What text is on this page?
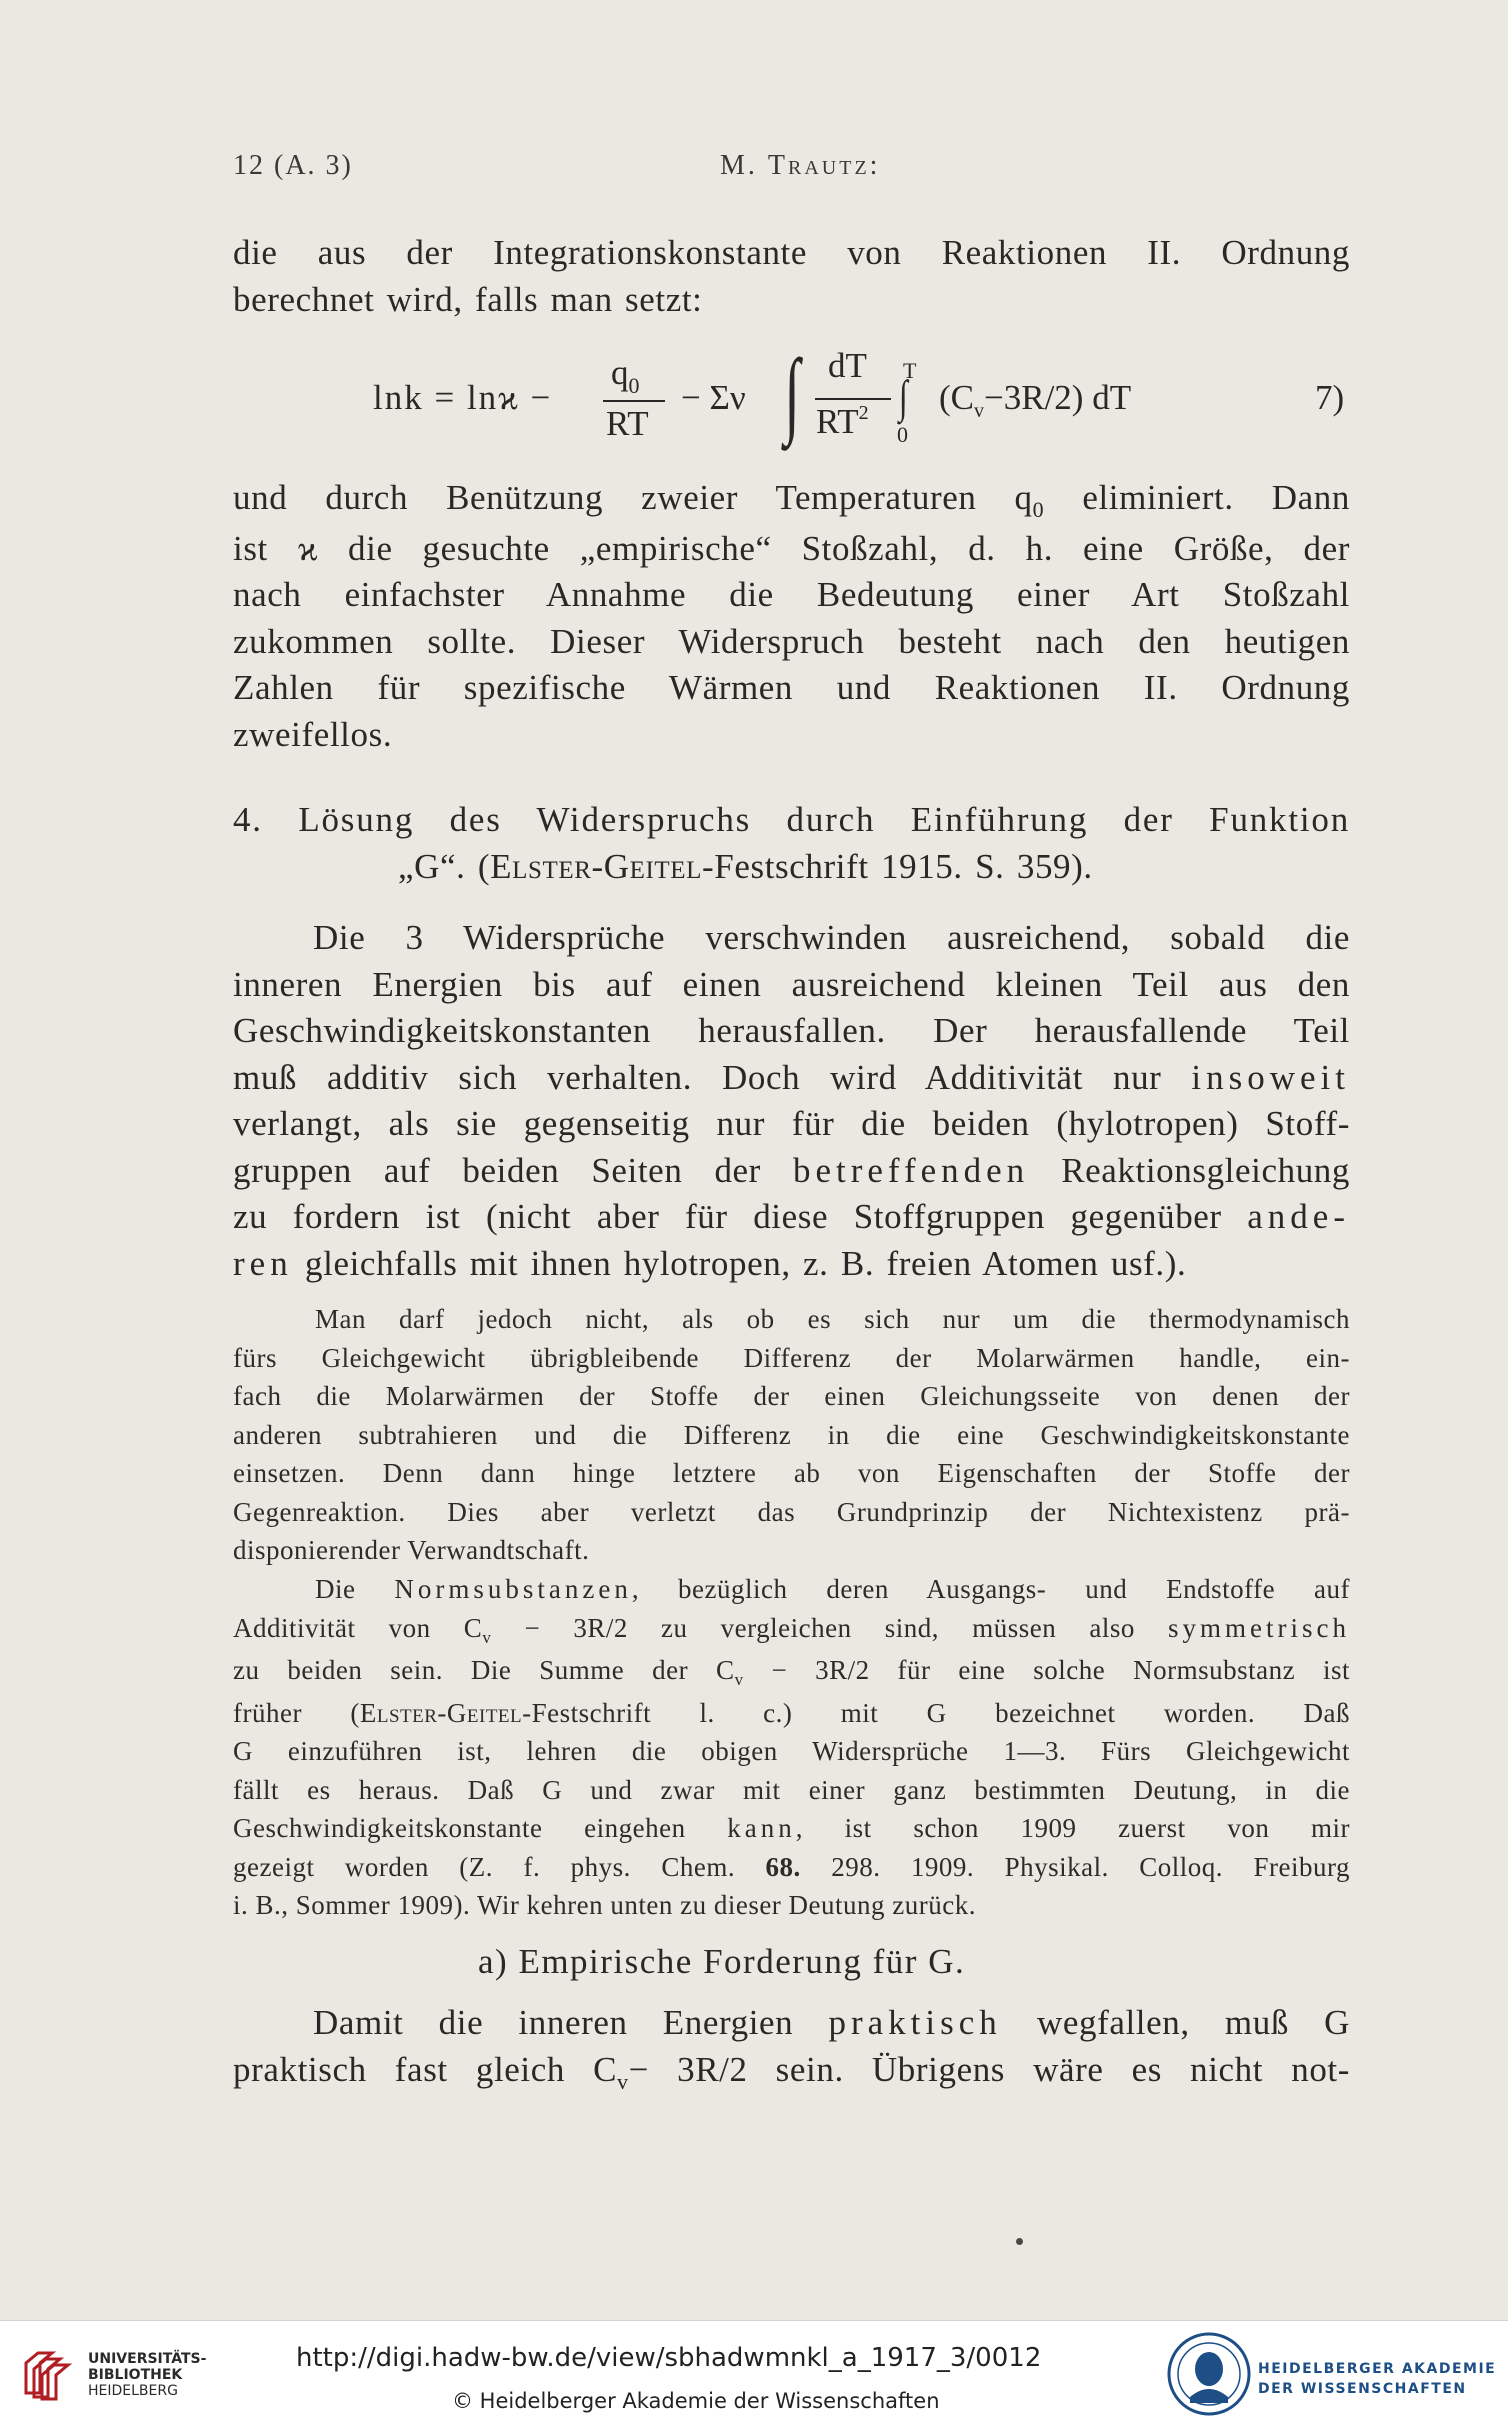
12 (A. 3)	M. Trautz:
die aus der Integrationskonstante von Reaktionen II. Ordnung
berechnet wird, falls man setzt:
lnk = lnϰ −
$q_0$
RT
− Σν ∫ dT
$RT^2$
T
∫
0
$(C_v-3R/2)$ dT	7)
und durch Benützung zweier Temperaturen $q_0$ eliminiert. Dann
ist ϰ die gesuchte „empirische“ Stoßzahl, d. h. eine Größe, der
nach einfachster Annahme die Bedeutung einer Art Stoßzahl
zukommen sollte. Dieser Widerspruch besteht nach den heutigen
Zahlen für spezifische Wärmen und Reaktionen II. Ordnung
zweifellos.
4. Lösung des Widerspruchs durch Einführung der Funktion
„G“. (Elster-Geitel-Festschrift 1915. S. 359).
Die 3 Widersprüche verschwinden ausreichend, sobald die
inneren Energien bis auf einen ausreichend kleinen Teil aus den
Geschwindigkeitskonstanten herausfallen. Der herausfallende Teil
muß additiv sich verhalten. Doch wird Additivität nur insoweit
verlangt, als sie gegenseitig nur für die beiden (hylotropen) Stoff-
gruppen auf beiden Seiten der betreffenden Reaktionsgleichung
zu fordern ist (nicht aber für diese Stoffgruppen gegenüber ande-
ren gleichfalls mit ihnen hylotropen, z. B. freien Atomen usf.).
Man darf jedoch nicht, als ob es sich nur um die thermodynamisch
fürs Gleichgewicht übrigbleibende Differenz der Molarwärmen handle, ein-
fach die Molarwärmen der Stoffe der einen Gleichungsseite von denen der
anderen subtrahieren und die Differenz in die eine Geschwindigkeitskonstante
einsetzen. Denn dann hinge letztere ab von Eigenschaften der Stoffe der
Gegenreaktion. Dies aber verletzt das Grundprinzip der Nichtexistenz prä-
disponierender Verwandtschaft.
Die Normsubstanzen, bezüglich deren Ausgangs- und Endstoffe auf
Additivität von $C_v - 3R/2$ zu vergleichen sind, müssen also symmetrisch
zu beiden sein. Die Summe der $C_v - 3R/2$ für eine solche Normsubstanz ist
früher (Elster-Geitel-Festschrift l. c.) mit G bezeichnet worden. Daß
G einzuführen ist, lehren die obigen Widersprüche 1—3. Fürs Gleichgewicht
fällt es heraus. Daß G und zwar mit einer ganz bestimmten Deutung, in die
Geschwindigkeitskonstante eingehen kann, ist schon 1909 zuerst von mir
gezeigt worden (Z. f. phys. Chem. 68. 298. 1909. Physikal. Colloq. Freiburg
i. B., Sommer 1909). Wir kehren unten zu dieser Deutung zurück.
a) Empirische Forderung für G.
Damit die inneren Energien praktisch wegfallen, muß G
praktisch fast gleich $C_v- 3R/2$ sein. Übrigens wäre es nicht not-
UNIVERSITÄTS-
BIBLIOTHEK
HEIDELBERG
http://digi.hadw-bw.de/view/sbhadwmnkl_a_1917_3/0012
© Heidelberger Akademie der Wissenschaften
HEIDELBERGER AKADEMIE
DER WISSENSCHAFTEN
